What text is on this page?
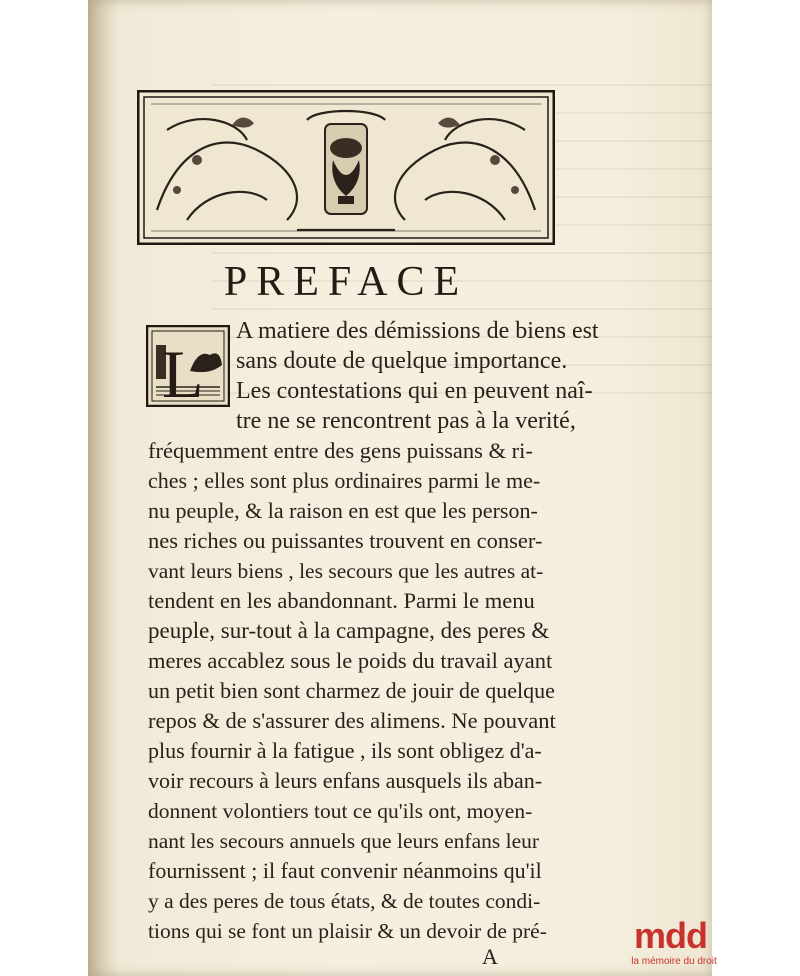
PREFACE
L

A matiere des démissions de biens est

sans doute de quelque importance.

Les contestations qui en peuvent naî-

tre ne se rencontrent pas à la verité,

fréquemment entre des gens puissans & ri-

ches ; elles sont plus ordinaires parmi le me-

nu peuple, & la raison en est que les person-

nes riches ou puissantes trouvent en conser-

vant leurs biens , les secours que les autres at-

tendent en les abandonnant. Parmi le menu

peuple, sur-tout à la campagne, des peres &

meres accablez sous le poids du travail ayant

un petit bien sont charmez de jouir de quelque

repos & de s'assurer des alimens. Ne pouvant

plus fournir à la fatigue , ils sont obligez d'a-

voir recours à leurs enfans ausquels ils aban-

donnent volontiers tout ce qu'ils ont, moyen-

nant les secours annuels que leurs enfans leur

fournissent ; il faut convenir néanmoins qu'il

y a des peres de tous états, & de toutes condi-

tions qui se font un plaisir & un devoir de pré-

A

mdd

la mémoire du droit
